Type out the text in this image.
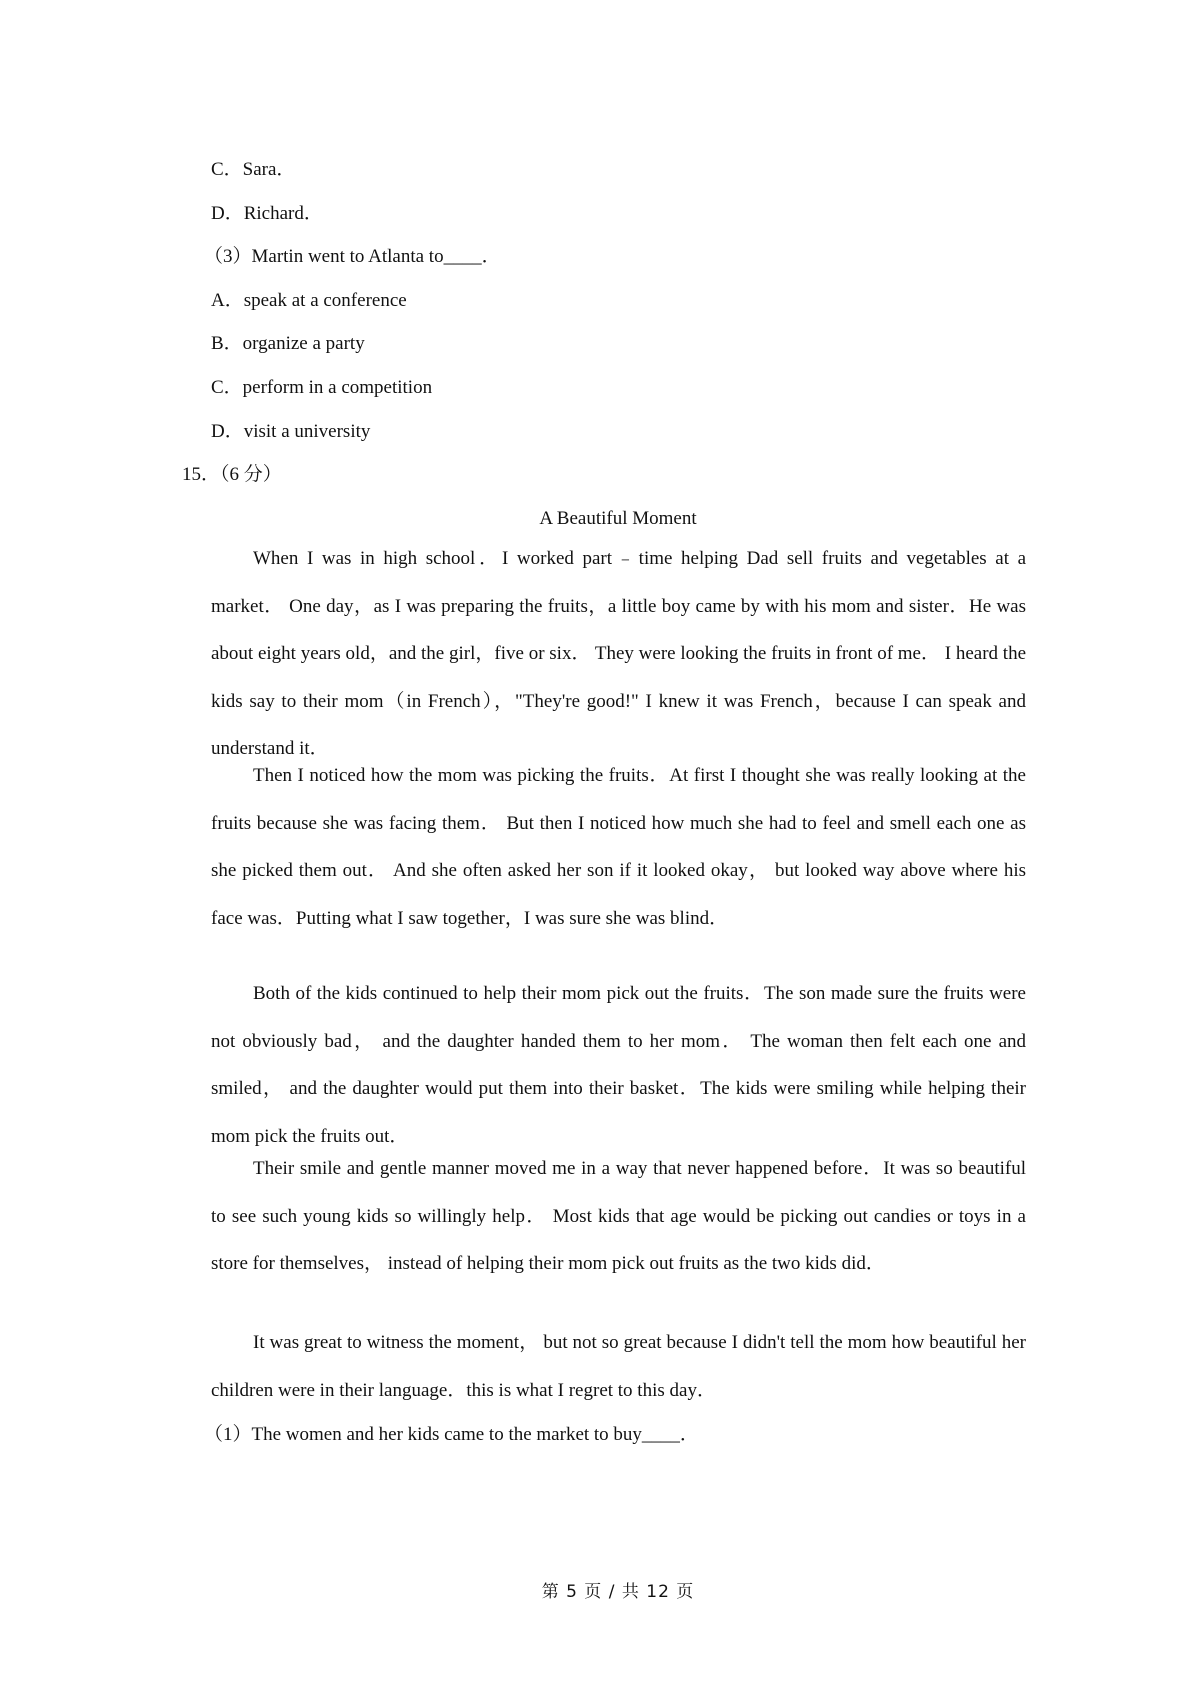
C．Sara．
D．Richard．
（3）Martin went to Atlanta to____．
A．speak at a conference
B．organize a party
C．perform in a competition
D．visit a university
15．（6 分）
A Beautiful Moment

When I was in high school．I worked part﹣time helping Dad sell fruits and vegetables at a market． One day，as I was preparing the fruits，a little boy came by with his mom and sister．He was about eight years old，and the girl，five or six． They were looking the fruits in front of me． I heard the kids say to their mom（in French），"They're good!" I knew it was French，because I can speak and understand it．

Then I noticed how the mom was picking the fruits．At first I thought she was really looking at the fruits because she was facing them． But then I noticed how much she had to feel and smell each one as she picked them out． And she often asked her son if it looked okay， but looked way above where his face was．Putting what I saw together，I was sure she was blind．

Both of the kids continued to help their mom pick out the fruits．The son made sure the fruits were not obviously bad， and the daughter handed them to her mom． The woman then felt each one and smiled， and the daughter would put them into their basket．The kids were smiling while helping their mom pick the fruits out．

Their smile and gentle manner moved me in a way that never happened before．It was so beautiful to see such young kids so willingly help． Most kids that age would be picking out candies or toys in a store for themselves， instead of helping their mom pick out fruits as the two kids did．

It was great to witness the moment， but not so great because I didn't tell the mom how beautiful her children were in their language．this is what I regret to this day．

（1）The women and her kids came to the market to buy____．
第 5 页 / 共 12 页
